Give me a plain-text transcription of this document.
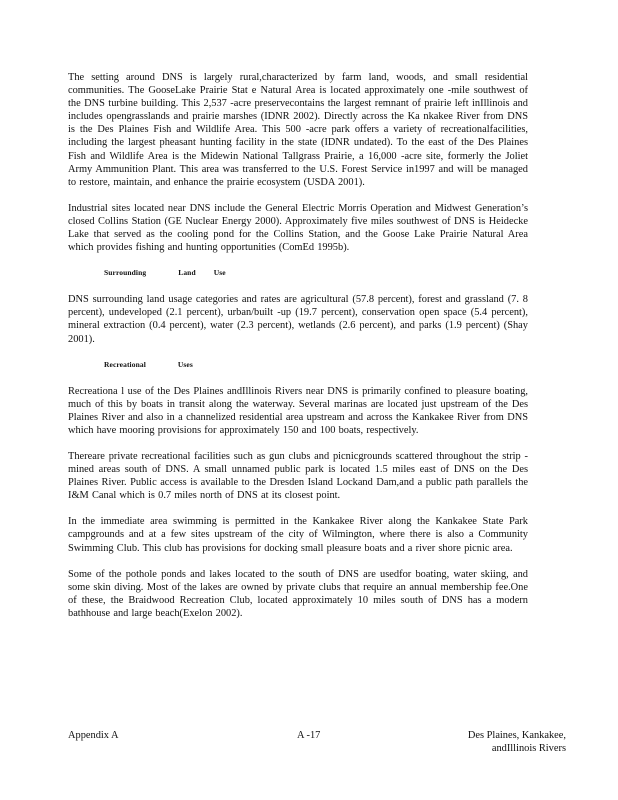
The setting around DNS is largely rural,characterized by farm land, woods, and small residential communities. The GooseLake Prairie Stat e Natural Area is located approximately one -mile southwest of the DNS turbine building. This 2,537 -acre preservecontains the largest remnant of prairie left inIllinois and includes opengrasslands and prairie marshes (IDNR 2002). Directly across the Ka nkakee River from DNS is the Des Plaines Fish and Wildlife Area. This 500 -acre park offers a variety of recreationalfacilities, including the largest pheasant hunting facility in the state (IDNR undated). To the east of the Des Plaines Fish and Wildlife Area is the Midewin National Tallgrass Prairie, a 16,000 -acre site, formerly the Joliet Army Ammunition Plant. This area was transferred to the U.S. Forest Service in1997 and will be managed to restore, maintain, and enhance the prairie ecosystem (USDA 2001).

Industrial sites located near DNS include the General Electric Morris Operation and Midwest Generation’s closed Collins Station (GE Nuclear Energy 2000). Approximately five miles southwest of DNS is Heidecke Lake that served as the cooling pond for the Collins Station, and the Goose Lake Prairie Natural Area which provides fishing and hunting opportunities (ComEd 1995b).

Surrounding	Land Use

DNS surrounding land usage categories and rates are agricultural (57.8 percent), forest and grassland (7. 8 percent), undeveloped (2.1 percent), urban/built -up (19.7 percent), conservation open space (5.4 percent), mineral extraction (0.4 percent), water (2.3 percent), wetlands (2.6 percent), and parks (1.9 percent) (Shay 2001).

Recreational	Uses

Recreationa l use of the Des Plaines andIllinois Rivers near DNS is primarily confined to pleasure boating, much of this by boats in transit along the waterway. Several marinas are located just upstream of the Des Plaines River and also in a channelized residential area upstream and across the Kankakee River from DNS which have mooring provisions for approximately 150 and 100 boats, respectively.

Thereare private recreational facilities such as gun clubs and picnicgrounds scattered throughout the strip -mined areas south of DNS. A small unnamed public park is located 1.5 miles east of DNS on the Des Plaines River. Public access is available to the Dresden Island Lockand Dam,and a public path parallels the I&M Canal which is 0.7 miles north of DNS at its closest point.

In the immediate area swimming is permitted in the Kankakee River along the Kankakee State Park campgrounds and at a few sites upstream of the city of Wilmington, where there is also a Community Swimming Club. This club has provisions for docking small pleasure boats and a river shore picnic area.

Some of the pothole ponds and lakes located to the south of DNS are usedfor boating, water skiing, and some skin diving. Most of the lakes are owned by private clubs that require an annual membership fee.One of these, the Braidwood Recreation Club, located approximately 10 miles south of DNS has a modern bathhouse and large beach(Exelon 2002).

Appendix A	A -17	Des Plaines, Kankakee,
andIllinois Rivers
